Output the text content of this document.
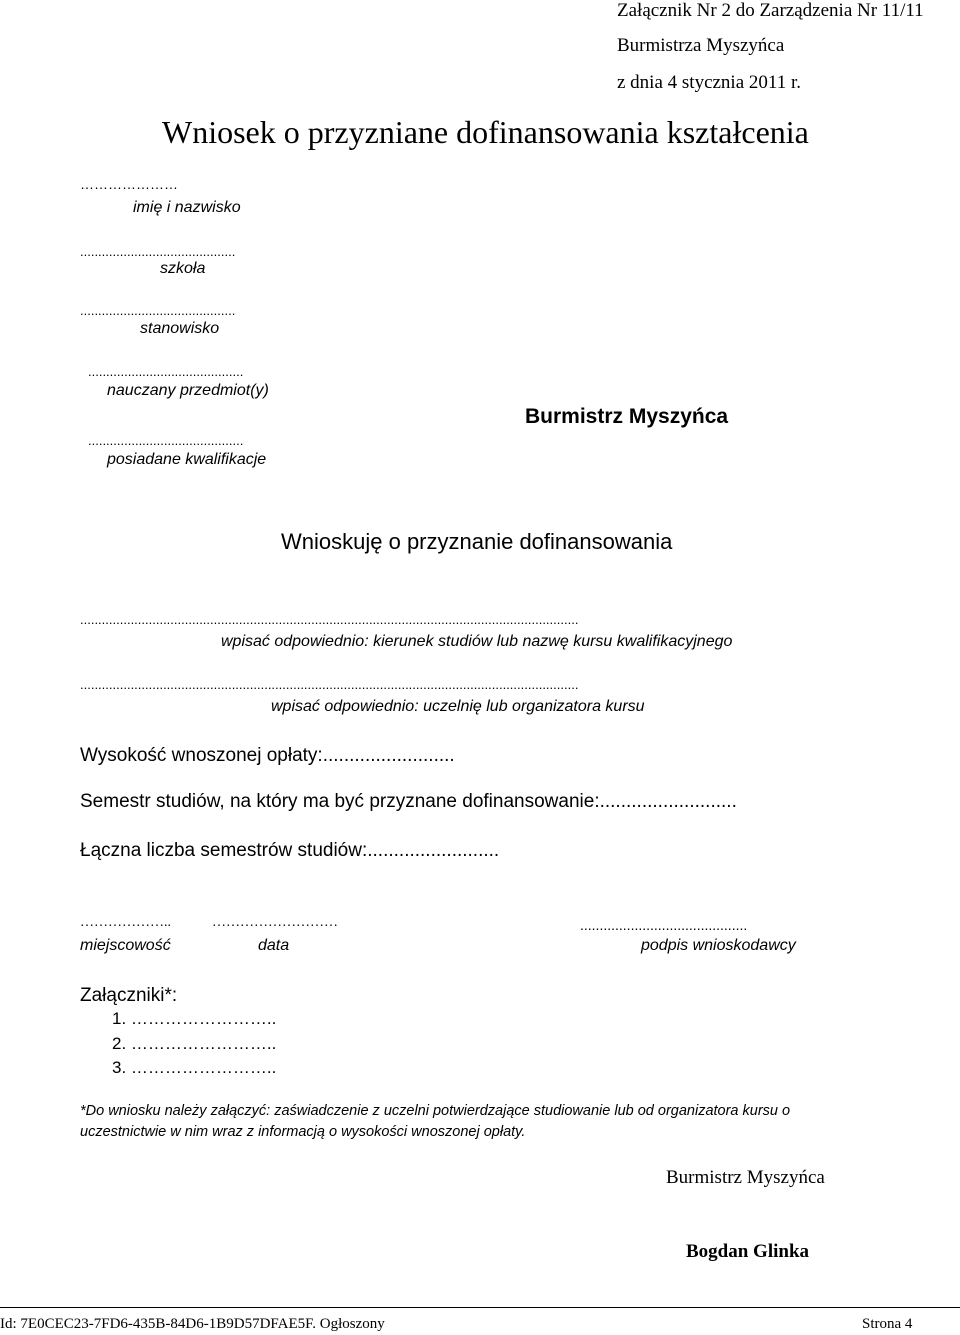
Załącznik Nr 2 do Zarządzenia Nr 11/11
Burmistrza Myszyńca
z dnia 4 stycznia 2011 r.
Wniosek o przyzniane dofinansowania kształcenia
…………………
imię i nazwisko
...........................................
szkoła
...........................................
stanowisko
...........................................
nauczany przedmiot(y)
...........................................
posiadane kwalifikacje
Burmistrz Myszyńca
Wnioskuję o przyznanie dofinansowania
..........................................................................................................................................
wpisać odpowiednio: kierunek studiów lub nazwę kursu kwalifikacyjnego
..........................................................................................................................................
wpisać odpowiednio: uczelnię lub organizatora kursu
Wysokość wnoszonej opłaty:.........................
Semestr studiów, na który ma być przyznane dofinansowanie:..........................
Łączna liczba semestrów studiów:.........................
………………..	………………………	...........................................
miejscowość	data	podpis wnioskodawcy
Załączniki*:
1. ……………………..
2. ……………………..
3. ……………………..
*Do wniosku należy załączyć: zaświadczenie z uczelni potwierdzające studiowanie lub od organizatora kursu o
uczestnictwie w nim wraz z informacją o wysokości wnoszonej opłaty.
Burmistrz Myszyńca
Bogdan Glinka
Id: 7E0CEC23-7FD6-435B-84D6-1B9D57DFAE5F. Ogłoszony	Strona 4
